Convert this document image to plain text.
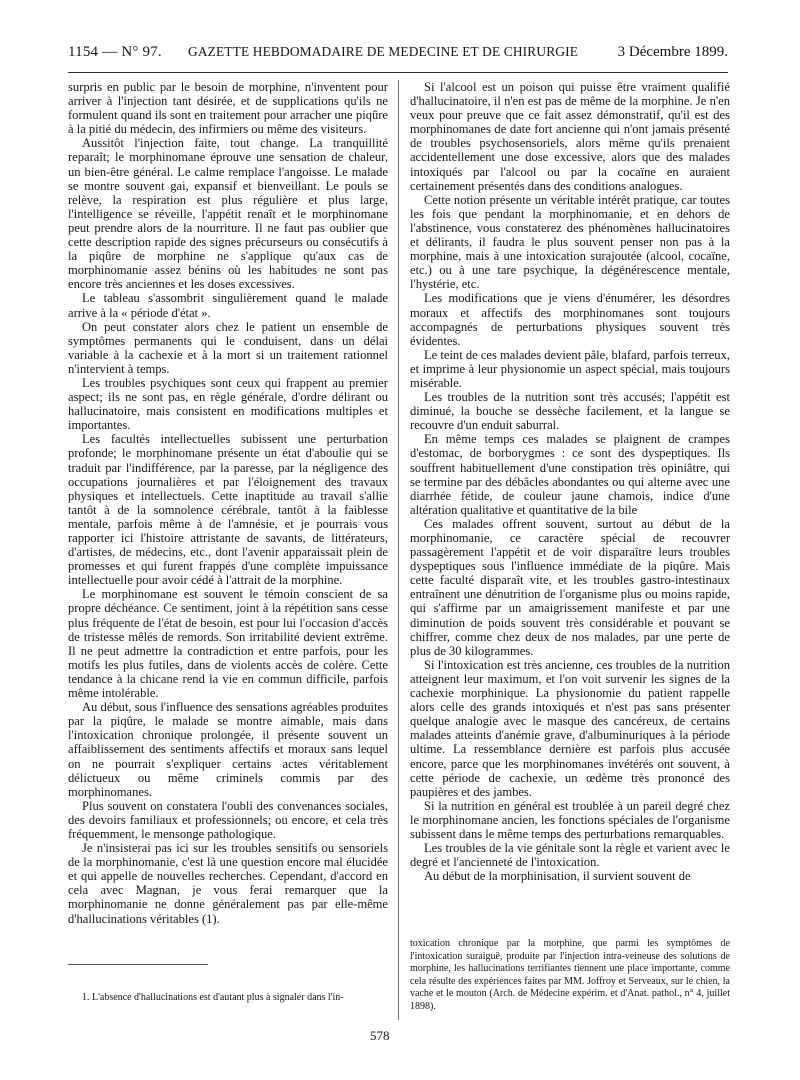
1154 — N° 97. GAZETTE HEBDOMADAIRE DE MEDECINE ET DE CHIRURGIE	3 Décembre 1899.

surpris en public par le besoin de morphine, n'inventent pour arriver à l'injection tant désirée, et de supplications qu'ils ne formulent quand ils sont en traitement pour arracher une piqûre à la pitié du médecin, des infirmiers ou même des visiteurs.

Aussitôt l'injection faite, tout change. La tranquillité reparaît; le morphinomane éprouve une sensation de chaleur, un bien-être général. Le calme remplace l'angoisse. Le malade se montre souvent gai, expansif et bienveillant. Le pouls se relève, la respiration est plus régulière et plus large, l'intelligence se réveille, l'appétit renaît et le morphinomane peut prendre alors de la nourriture. Il ne faut pas oublier que cette description rapide des signes précurseurs ou consécutifs à la piqûre de morphine ne s'applique qu'aux cas de morphinomanie assez bénins où les habitudes ne sont pas encore très anciennes et les doses excessives.

Le tableau s'assombrit singulièrement quand le malade arrive à la « période d'état ».

On peut constater alors chez le patient un ensemble de symptômes permanents qui le conduisent, dans un délai variable à la cachexie et à la mort si un traitement rationnel n'intervient à temps.

Les troubles psychiques sont ceux qui frappent au premier aspect; ils ne sont pas, en règle générale, d'ordre délirant ou hallucinatoire, mais consistent en modifications multiples et importantes.

Les facultés intellectuelles subissent une perturbation profonde; le morphinomane présente un état d'aboulie qui se traduit par l'indifférence, par la paresse, par la négligence des occupations journalières et par l'éloignement des travaux physiques et intellectuels. Cette inaptitude au travail s'allie tantôt à de la somnolence cérébrale, tantôt à la faiblesse mentale, parfois même à de l'amnésie, et je pourrais vous rapporter ici l'histoire attristante de savants, de littérateurs, d'artistes, de médecins, etc., dont l'avenir apparaissait plein de promesses et qui furent frappés d'une complète impuissance intellectuelle pour avoir cédé à l'attrait de la morphine.

Le morphinomane est souvent le témoin conscient de sa propre déchéance. Ce sentiment, joint à la répétition sans cesse plus fréquente de l'état de besoin, est pour lui l'occasion d'accès de tristesse mêlés de remords. Son irritabilité devient extrême. Il ne peut admettre la contradiction et entre parfois, pour les motifs les plus futiles, dans de violents accès de colère. Cette tendance à la chicane rend la vie en commun difficile, parfois même intolérable.

Au début, sous l'influence des sensations agréables produites par la piqûre, le malade se montre aimable, mais dans l'intoxication chronique prolongée, il présente souvent un affaiblissement des sentiments affectifs et moraux sans lequel on ne pourrait s'expliquer certains actes véritablement délictueux ou même criminels commis par des morphinomanes.

Plus souvent on constatera l'oubli des convenances sociales, des devoirs familiaux et professionnels; ou encore, et cela très fréquemment, le mensonge pathologique.

Je n'insisterai pas ici sur les troubles sensitifs ou sensoriels de la morphinomanie, c'est là une question encore mal élucidée et qui appelle de nouvelles recherches. Cependant, d'accord en cela avec Magnan, je vous ferai remarquer que la morphinomanie ne donne généralement pas par elle-même d'hallucinations véritables (1).

Si l'alcool est un poison qui puisse être vraiment qualifié d'hallucinatoire, il n'en est pas de même de la morphine. Je n'en veux pour preuve que ce fait assez démonstratif, qu'il est des morphinomanes de date fort ancienne qui n'ont jamais présenté de troubles psychosensoriels, alors même qu'ils prenaient accidentellement une dose excessive, alors que des malades intoxiqués par l'alcool ou par la cocaïne en auraient certainement présentés dans des conditions analogues.

Cette notion présente un véritable intérêt pratique, car toutes les fois que pendant la morphinomanie, et en dehors de l'abstinence, vous constaterez des phénomènes hallucinatoires et délirants, il faudra le plus souvent penser non pas à la morphine, mais à une intoxication surajoutée (alcool, cocaïne, etc.) ou à une tare psychique, la dégénérescence mentale, l'hystérie, etc.

Les modifications que je viens d'énumérer, les désordres moraux et affectifs des morphinomanes sont toujours accompagnés de perturbations physiques souvent très évidentes.

Le teint de ces malades devient pâle, blafard, parfois terreux, et imprime à leur physionomie un aspect spécial, mais toujours misérable.

Les troubles de la nutrition sont très accusés; l'appétit est diminué, la bouche se dessèche facilement, et la langue se recouvre d'un enduit saburral.

En même temps ces malades se plaignent de crampes d'estomac, de borborygmes : ce sont des dyspeptiques. Ils souffrent habituellement d'une constipation très opiniâtre, qui se termine par des débâcles abondantes ou qui alterne avec une diarrhée fétide, de couleur jaune chamois, indice d'une altération qualitative et quantitative de la bile

Ces malades offrent souvent, surtout au début de la morphinomanie, ce caractère spécial de recouvrer passagèrement l'appétit et de voir disparaître leurs troubles dyspeptiques sous l'influence immédiate de la piqûre. Mais cette faculté disparaît vite, et les troubles gastro-intestinaux entraînent une dénutrition de l'organisme plus ou moins rapide, qui s'affirme par un amaigrissement manifeste et par une diminution de poids souvent très considérable et pouvant se chiffrer, comme chez deux de nos malades, par une perte de plus de 30 kilogrammes.

Si l'intoxication est très ancienne, ces troubles de la nutrition atteignent leur maximum, et l'on voit survenir les signes de la cachexie morphinique. La physionomie du patient rappelle alors celle des grands intoxiqués et n'est pas sans présenter quelque analogie avec le masque des cancéreux, de certains malades atteints d'anémie grave, d'albuminuriques à la période ultime. La ressemblance dernière est parfois plus accusée encore, parce que les morphinomanes invétérés ont souvent, à cette période de cachexie, un œdème très prononcé des paupières et des jambes.

Si la nutrition en général est troublée à un pareil degré chez le morphinomane ancien, les fonctions spéciales de l'organisme subissent dans le même temps des perturbations remarquables.

Les troubles de la vie génitale sont la règle et varient avec le degré et l'ancienneté de l'intoxication.

Au début de la morphinisation, il survient souvent de

1. L'absence d'hallucinations est d'autant plus à signaler dans l'in-
toxication chronique par la morphine, que parmi les symptômes de l'intoxication suraiguë, produite par l'injection intra-veineuse des solutions de morphine, les hallucinations terrifiantes tiennent une place importante, comme cela résulte des expériences faites par MM. Joffroy et Serveaux, sur le chien, la vache et le mouton (Arch. de Médecine expérim. et d'Anat. pathol., n° 4, juillet 1898).
578
